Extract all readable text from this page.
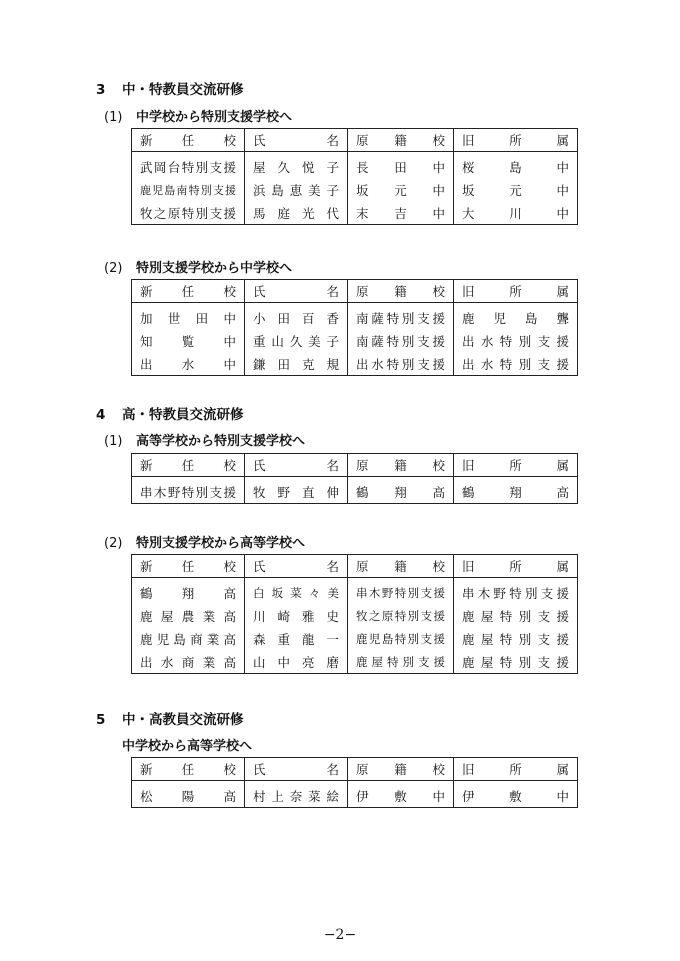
3 中・特教員交流研修
(1) 中学校から特別支援学校へ
新任校	氏名	原籍校	旧所属
武岡台特別支援	屋久悦子	長田中	桜島中
鹿児島南特別支援	浜島恵美子	坂元中	坂元中
牧之原特別支援	馬庭光代	末吉中	大川中
(2) 特別支援学校から中学校へ
新任校	氏名	原籍校	旧所属
加世田中	小田百香	南薩特別支援	鹿児島聾
知覧中	重山久美子	南薩特別支援	出水特別支援
出水中	鎌田克規	出水特別支援	出水特別支援
4 高・特教員交流研修
(1) 高等学校から特別支援学校へ
新任校	氏名	原籍校	旧所属
串木野特別支援	牧野直伸	鶴翔高	鶴翔高
(2) 特別支援学校から高等学校へ
新任校	氏名	原籍校	旧所属
鶴翔高	白坂菜々美	串木野特別支援	串木野特別支援
鹿屋農業高	川崎雅史	牧之原特別支援	鹿屋特別支援
鹿児島商業高	森重龍一	鹿児島特別支援	鹿屋特別支援
出水商業高	山中亮磨	鹿屋特別支援	鹿屋特別支援
5 中・高教員交流研修
中学校から高等学校へ
新任校	氏名	原籍校	旧所属
松陽高	村上奈菜絵	伊敷中	伊敷中
−2−
